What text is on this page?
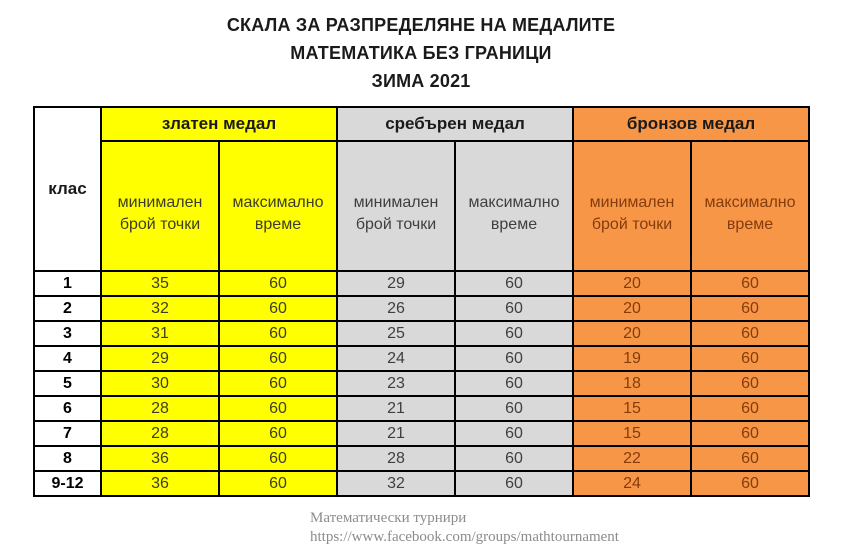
СКАЛА ЗА РАЗПРЕДЕЛЯНЕ НА МЕДАЛИТЕ
МАТЕМАТИКА БЕЗ ГРАНИЦИ
ЗИМА 2021
клас	златен медал		сребърен медал		бронзов медал	
	минимален брой точки	максимално време	минимален брой точки	максимално време	минимален брой точки	максимално време
1	35	60	29	60	20	60
2	32	60	26	60	20	60
3	31	60	25	60	20	60
4	29	60	24	60	19	60
5	30	60	23	60	18	60
6	28	60	21	60	15	60
7	28	60	21	60	15	60
8	36	60	28	60	22	60
9-12	36	60	32	60	24	60
Математически турнири
https://www.facebook.com/groups/mathtournament
